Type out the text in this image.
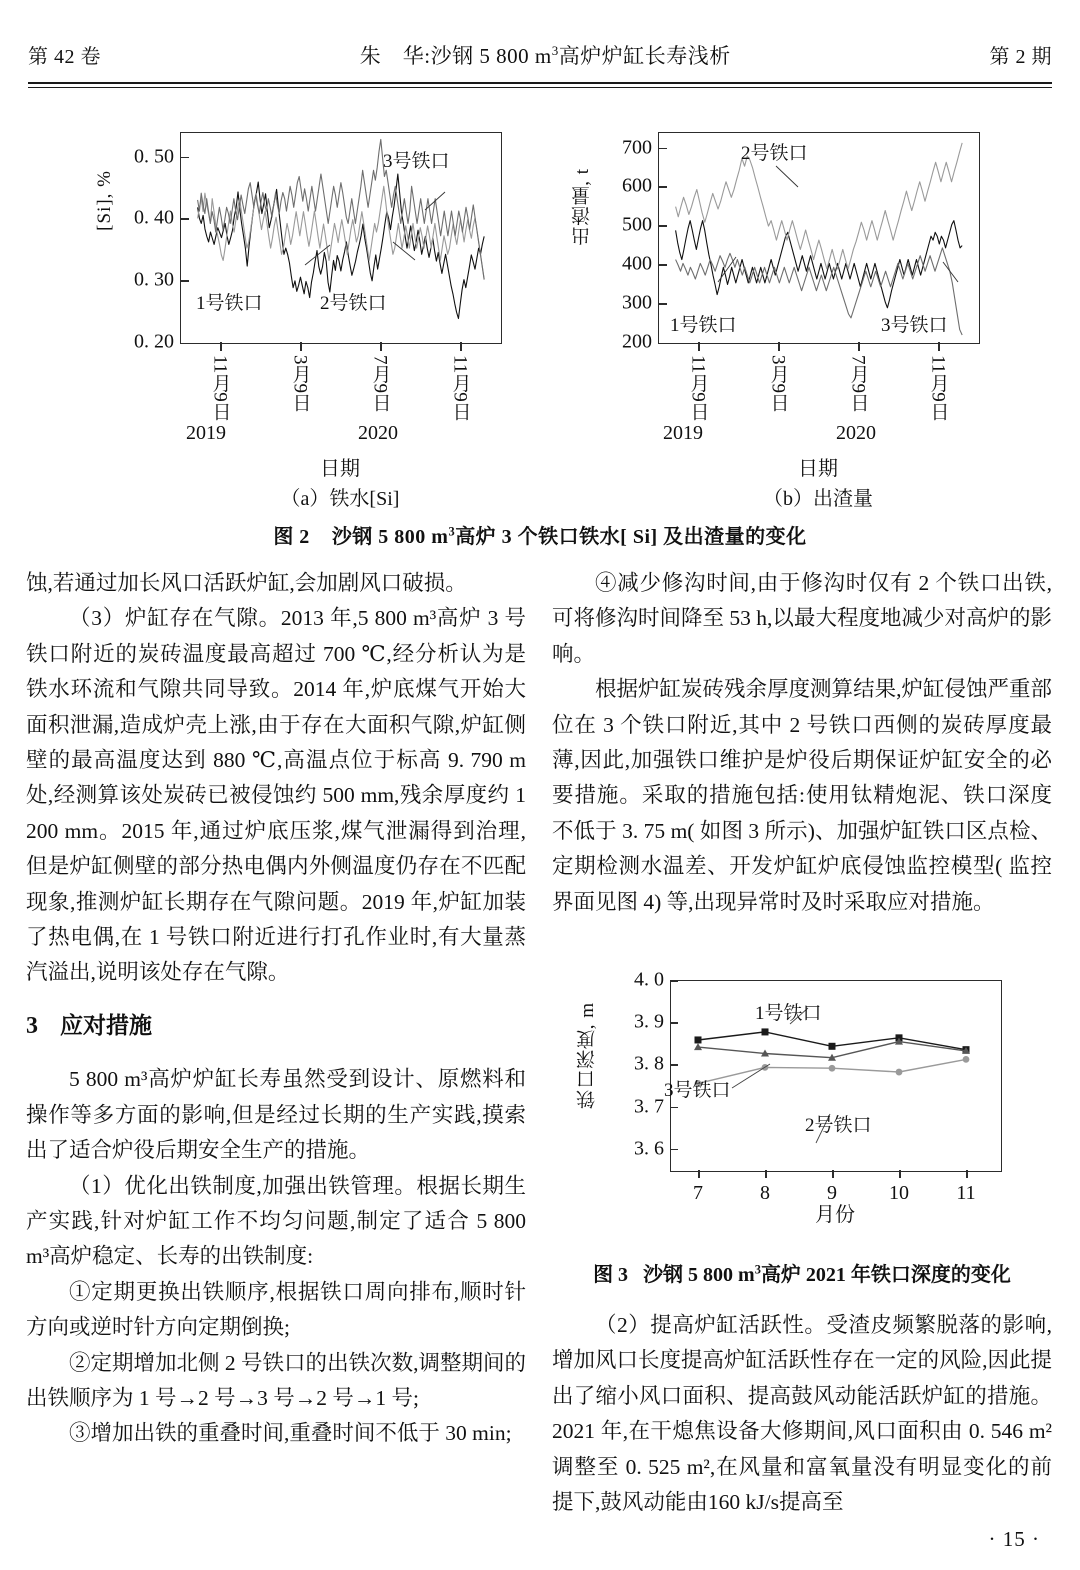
第 42 卷	朱　华:沙钢 5 800 $m^3$高炉炉缸长寿浅析	第 2 期
[Si], %
0. 20
0. 30
0. 40
0. 50
11月9日	3月9日	7月9日	11月9日
2019	2020
日期
（a）铁水[Si]
3号铁口
1号铁口	2号铁口
出渣量, t
200
300
400
500
600
700
11月9日	3月9日	7月9日	11月9日
2019	2020
日期
（b）出渣量
2号铁口
1号铁口	3号铁口
图 2 沙钢 5 800 $m^3$高炉 3 个铁口铁水[ Si] 及出渣量的变化

蚀,若通过加长风口活跃炉缸,会加剧风口破损。

（3）炉缸存在气隙。2013 年,5 800 m³高炉 3 号铁口附近的炭砖温度最高超过 700 ℃,经分析认为是铁水环流和气隙共同导致。2014 年,炉底煤气开始大面积泄漏,造成炉壳上涨,由于存在大面积气隙,炉缸侧壁的最高温度达到 880 ℃,高温点位于标高 9. 790 m 处,经测算该处炭砖已被侵蚀约 500 mm,残余厚度约 1 200 mm。2015 年,通过炉底压浆,煤气泄漏得到治理,但是炉缸侧壁的部分热电偶内外侧温度仍存在不匹配现象,推测炉缸长期存在气隙问题。2019 年,炉缸加装了热电偶,在 1 号铁口附近进行打孔作业时,有大量蒸汽溢出,说明该处存在气隙。

3 应对措施

5 800 m³高炉炉缸长寿虽然受到设计、原燃料和操作等多方面的影响,但是经过长期的生产实践,摸索出了适合炉役后期安全生产的措施。

（1）优化出铁制度,加强出铁管理。根据长期生产实践,针对炉缸工作不均匀问题,制定了适合 5 800 m³高炉稳定、长寿的出铁制度:

①定期更换出铁顺序,根据铁口周向排布,顺时针方向或逆时针方向定期倒换;

②定期增加北侧 2 号铁口的出铁次数,调整期间的出铁顺序为 1 号→2 号→3 号→2 号→1 号;

③增加出铁的重叠时间,重叠时间不低于 30 min;

④减少修沟时间,由于修沟时仅有 2 个铁口出铁,可将修沟时间降至 53 h,以最大程度地减少对高炉的影响。

根据炉缸炭砖残余厚度测算结果,炉缸侵蚀严重部位在 3 个铁口附近,其中 2 号铁口西侧的炭砖厚度最薄,因此,加强铁口维护是炉役后期保证炉缸安全的必要措施。采取的措施包括:使用钛精炮泥、铁口深度不低于 3. 75 m( 如图 3 所示)、加强炉缸铁口区点检、定期检测水温差、开发炉缸炉底侵蚀监控模型( 监控界面见图 4) 等,出现异常时及时采取应对措施。

铁口深度, m
3. 6
3. 7
3. 8
3. 9
4. 0
7	8	9	10 11
月份
1号铁口
3号铁口
2号铁口
图 3 沙钢 5 800 $m^3$高炉 2021 年铁口深度的变化

（2）提高炉缸活跃性。受渣皮频繁脱落的影响,增加风口长度提高炉缸活跃性存在一定的风险,因此提出了缩小风口面积、提高鼓风动能活跃炉缸的措施。2021 年,在干熄焦设备大修期间,风口面积由 0. 546 m²调整至 0. 525 m²,在风量和富氧量没有明显变化的前提下,鼓风动能由160 kJ/s提高至

· 15 ·
